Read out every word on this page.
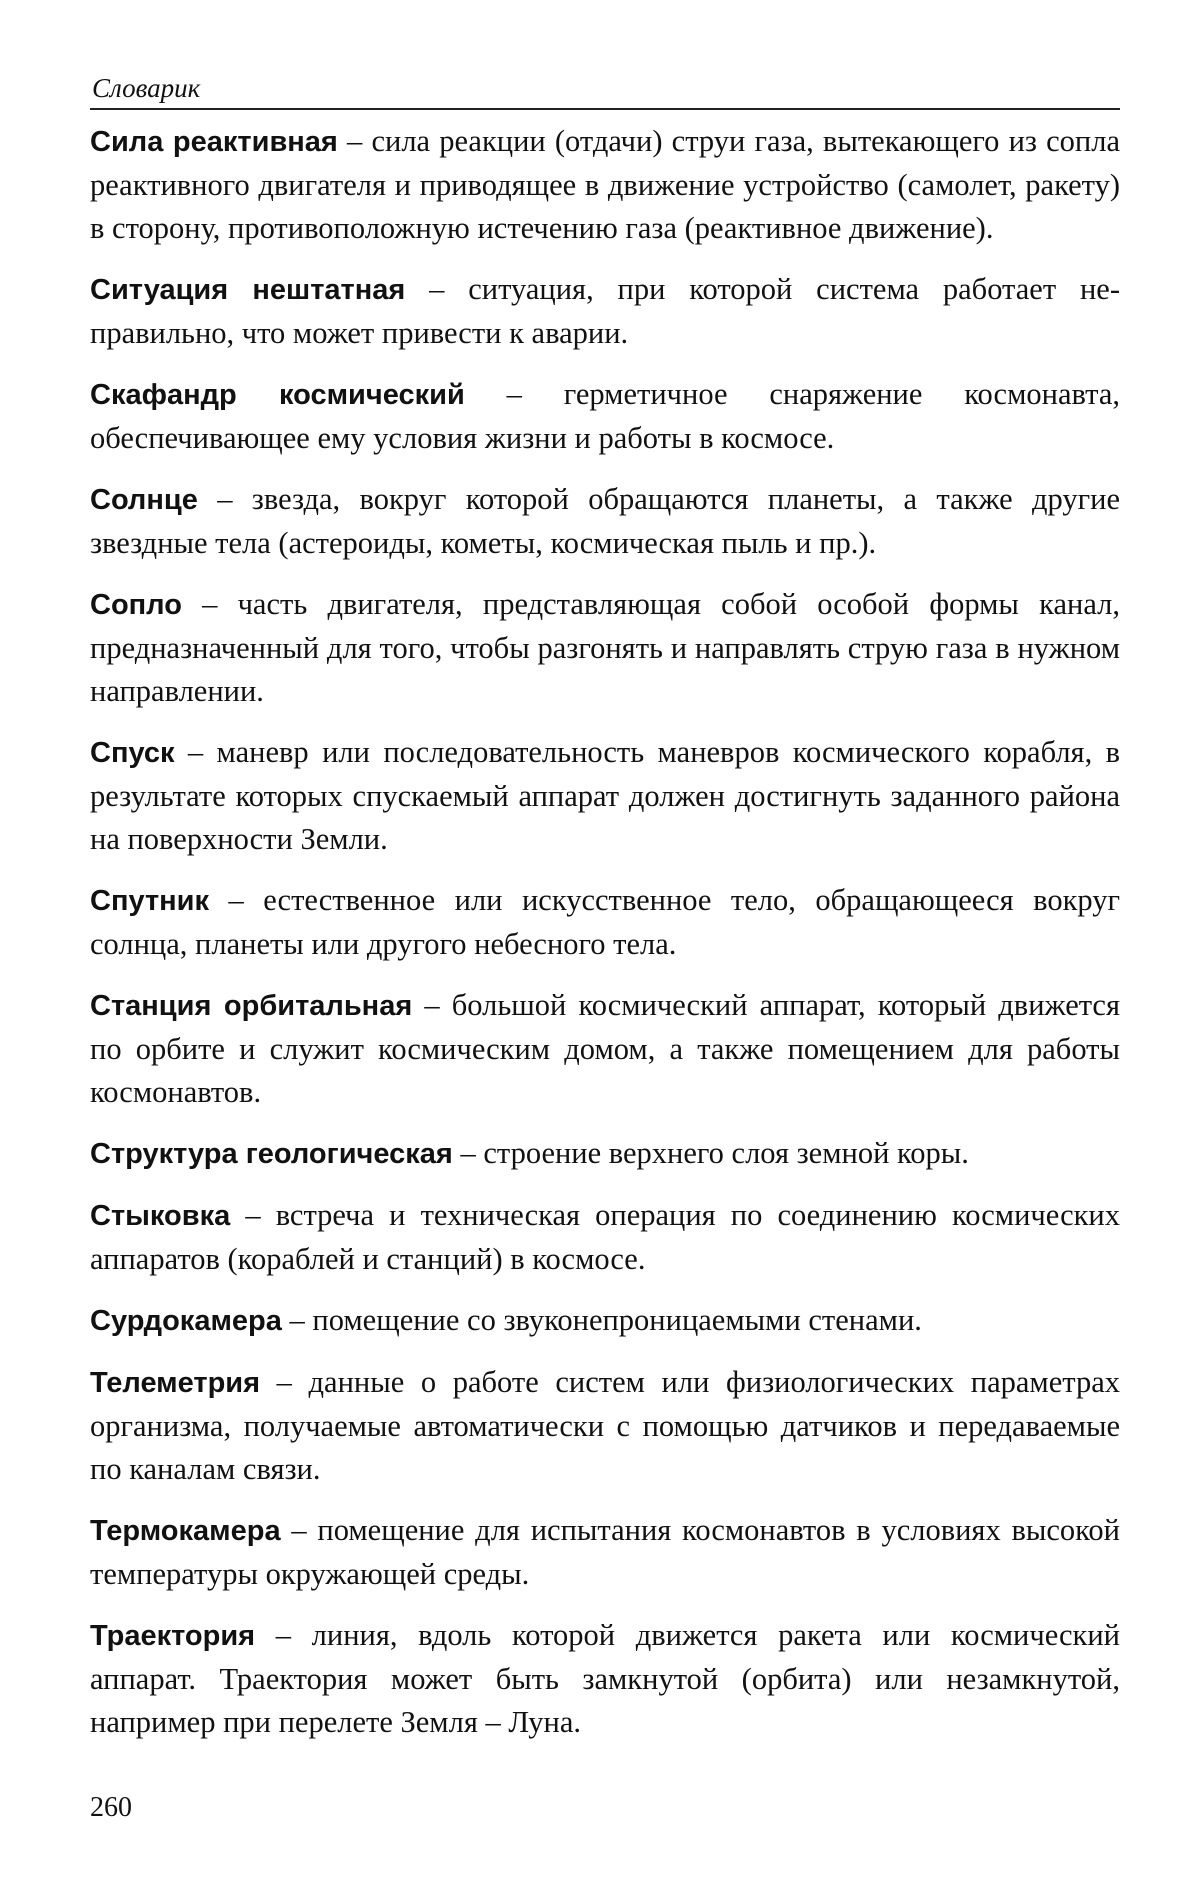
Словарик

Сила реактивная – сила реакции (отдачи) струи газа, вытекающего из сопла реактивного двигателя и приводящее в движение устройство (самолет, ракету) в сторону, противоположную истечению газа (реактивное движение).

Ситуация нештатная – ситуация, при которой система работает неправильно, что может привести к аварии.

Скафандр космический – герметичное снаряжение космонавта, обеспечивающее ему условия жизни и работы в космосе.

Солнце – звезда, вокруг которой обращаются планеты, а также другие звездные тела (астероиды, кометы, космическая пыль и пр.).

Сопло – часть двигателя, представляющая собой особой формы канал, предназначенный для того, чтобы разгонять и направлять струю газа в нужном направлении.

Спуск – маневр или последовательность маневров космического корабля, в результате которых спускаемый аппарат должен достигнуть заданного района на поверхности Земли.

Спутник – естественное или искусственное тело, обращающееся вокруг солнца, планеты или другого небесного тела.

Станция орбитальная – большой космический аппарат, который движется по орбите и служит космическим домом, а также помещением для работы космонавтов.

Структура геологическая – строение верхнего слоя земной коры.

Стыковка – встреча и техническая операция по соединению космических аппаратов (кораблей и станций) в космосе.

Сурдокамера – помещение со звуконепроницаемыми стенами.

Телеметрия – данные о работе систем или физиологических параметрах организма, получаемые автоматически с помощью датчиков и передаваемые по каналам связи.

Термокамера – помещение для испытания космонавтов в условиях высокой температуры окружающей среды.

Траектория – линия, вдоль которой движется ракета или космический аппарат. Траектория может быть замкнутой (орбита) или незамкнутой, например при перелете Земля – Луна.

260
